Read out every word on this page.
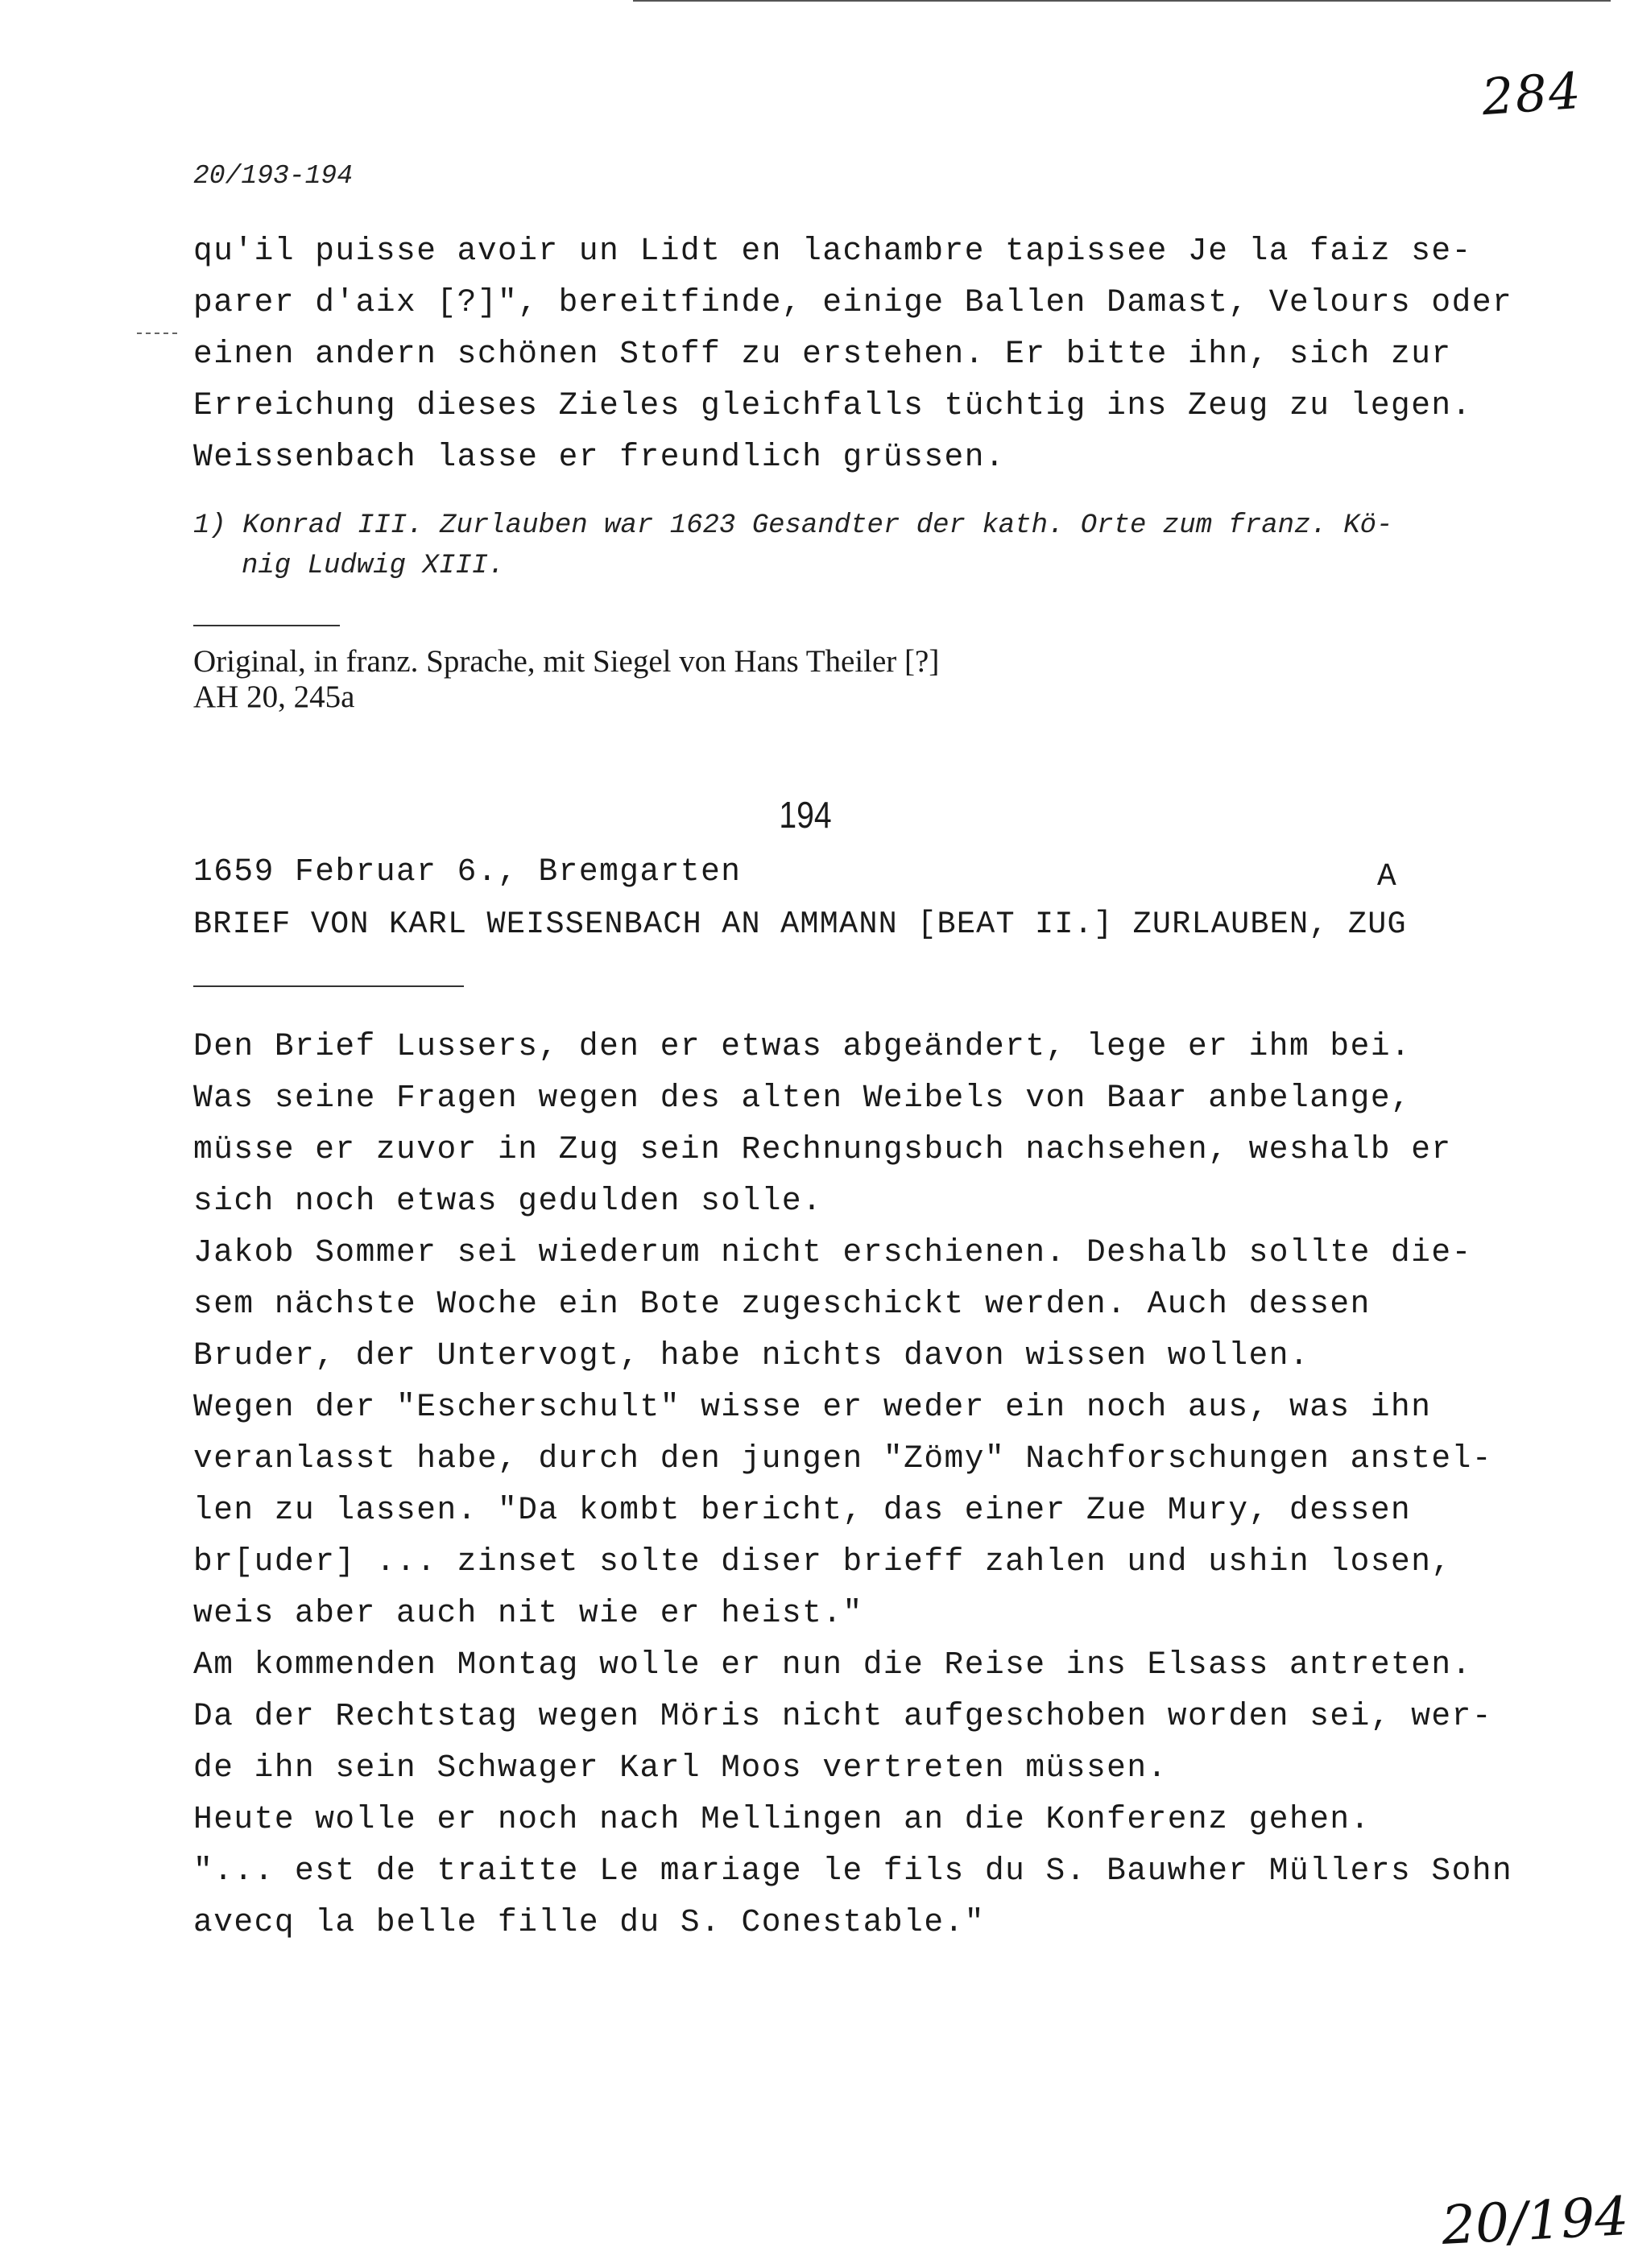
284
20/193-194
qu'il puisse avoir un Lidt en lachambre tapissee Je la faiz se-
parer d'aix [?]", bereitfinde, einige Ballen Damast, Velours oder
einen andern schönen Stoff zu erstehen. Er bitte ihn, sich zur
Erreichung dieses Zieles gleichfalls tüchtig ins Zeug zu legen.
Weissenbach lasse er freundlich grüssen.
1) Konrad III. Zurlauben war 1623 Gesandter der kath. Orte zum franz. Kö-
nig Ludwig XIII.
Original, in franz. Sprache, mit Siegel von Hans Theiler [?]
AH 20, 245a
194
1659 Februar 6., Bremgarten	A
BRIEF VON KARL WEISSENBACH AN AMMANN [BEAT II.] ZURLAUBEN, ZUG
Den Brief Lussers, den er etwas abgeändert, lege er ihm bei.
Was seine Fragen wegen des alten Weibels von Baar anbelange,
müsse er zuvor in Zug sein Rechnungsbuch nachsehen, weshalb er
sich noch etwas gedulden solle.
Jakob Sommer sei wiederum nicht erschienen. Deshalb sollte die-
sem nächste Woche ein Bote zugeschickt werden. Auch dessen
Bruder, der Untervogt, habe nichts davon wissen wollen.
Wegen der "Escherschult" wisse er weder ein noch aus, was ihn
veranlasst habe, durch den jungen "Zömy" Nachforschungen anstel-
len zu lassen. "Da kombt bericht, das einer Zue Mury, dessen
br[uder] ... zinset solte diser brieff zahlen und ushin losen,
weis aber auch nit wie er heist."
Am kommenden Montag wolle er nun die Reise ins Elsass antreten.
Da der Rechtstag wegen Möris nicht aufgeschoben worden sei, wer-
de ihn sein Schwager Karl Moos vertreten müssen.
Heute wolle er noch nach Mellingen an die Konferenz gehen.
"... est de traitte Le mariage le fils du S. Bauwher Müllers Sohn
avecq la belle fille du S. Conestable."
20/194
